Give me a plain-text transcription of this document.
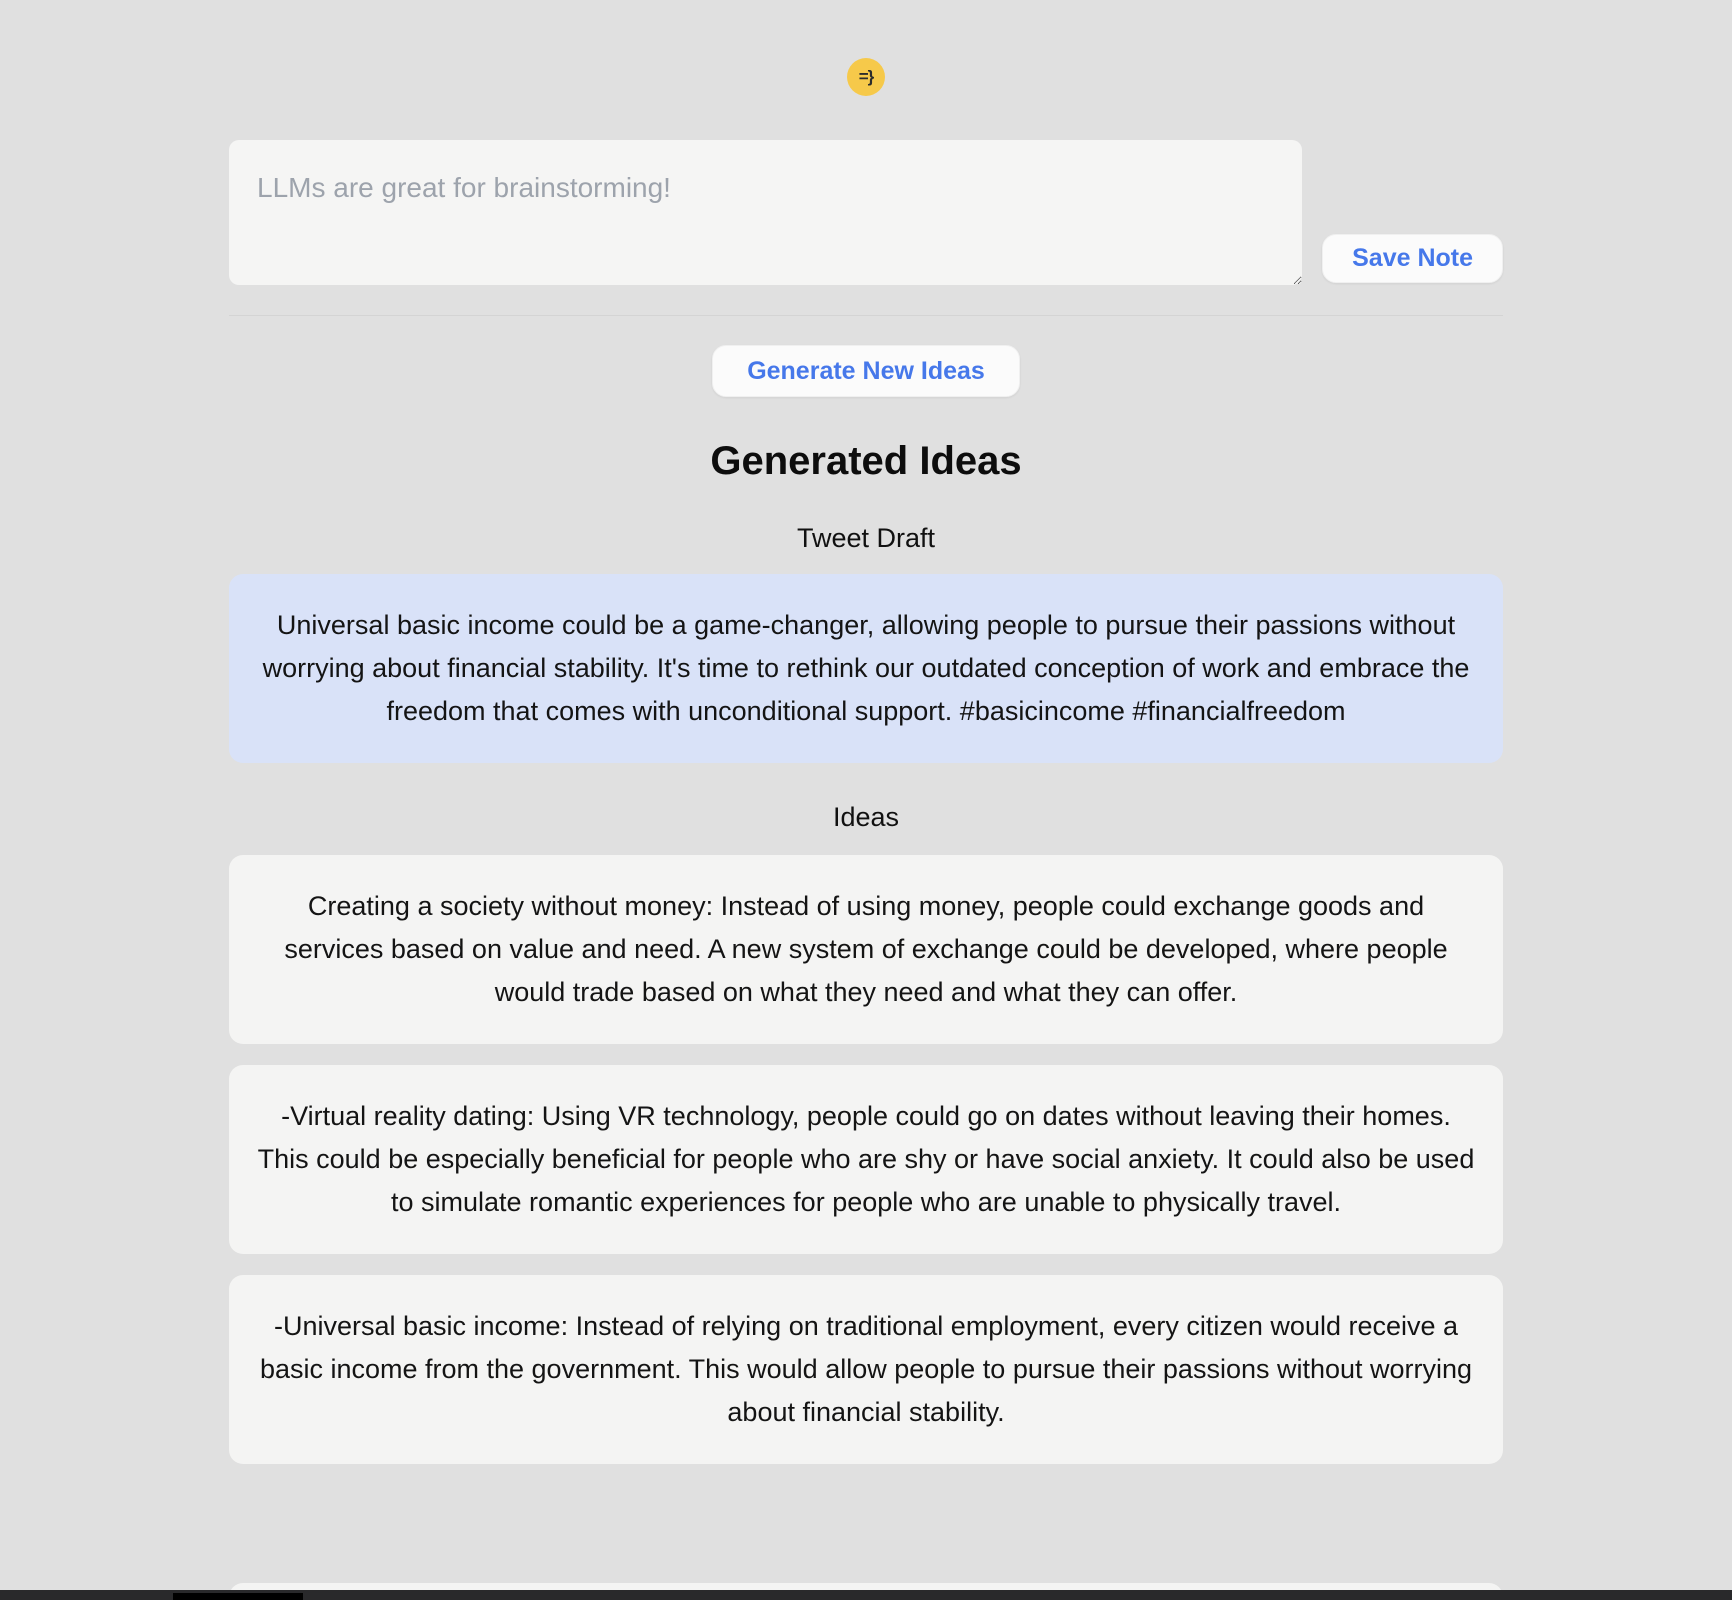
=}
LLMs are great for brainstorming!
Save Note
Generate New Ideas
Generated Ideas
Tweet Draft
Universal basic income could be a game-changer, allowing people to pursue their passions without worrying about financial stability. It's time to rethink our outdated conception of work and embrace the freedom that comes with unconditional support. #basicincome #financialfreedom
Ideas
Creating a society without money: Instead of using money, people could exchange goods and services based on value and need. A new system of exchange could be developed, where people would trade based on what they need and what they can offer.
-Virtual reality dating: Using VR technology, people could go on dates without leaving their homes. This could be especially beneficial for people who are shy or have social anxiety. It could also be used to simulate romantic experiences for people who are unable to physically travel.
-Universal basic income: Instead of relying on traditional employment, every citizen would receive a basic income from the government. This would allow people to pursue their passions without worrying about financial stability.
